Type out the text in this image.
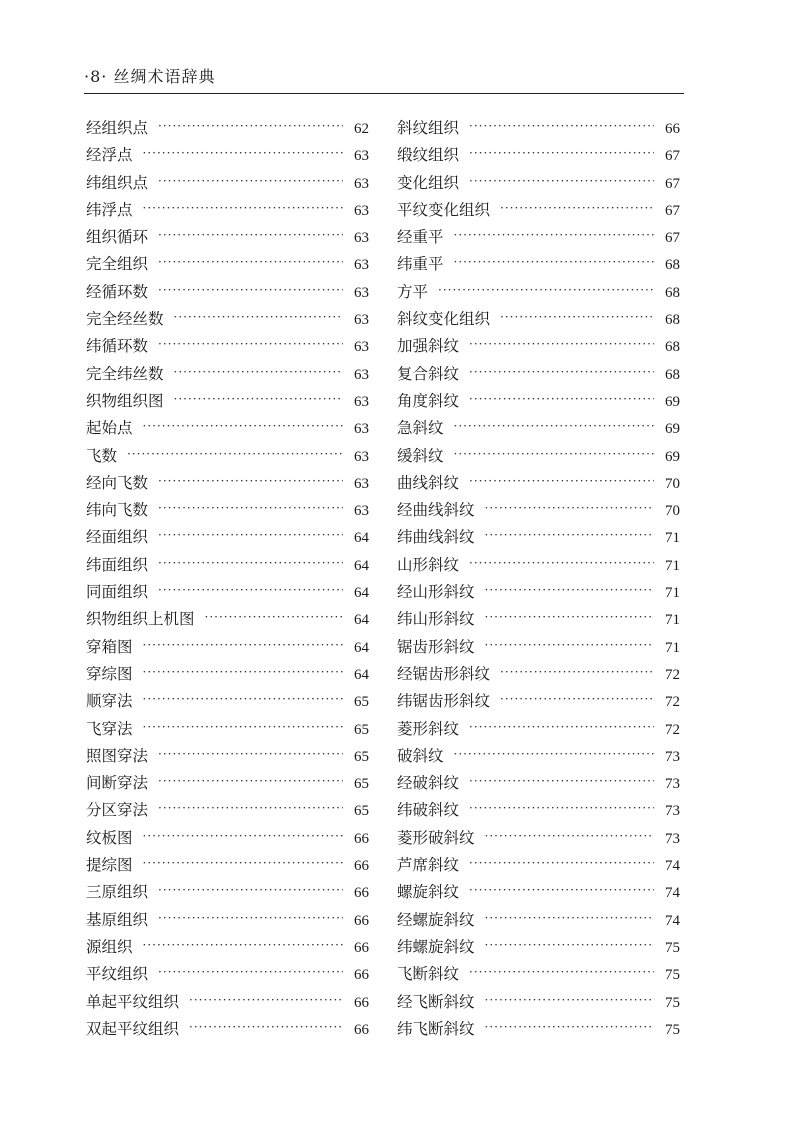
·8· 丝绸术语辞典
经组织点 ·····	62
经浮点 ·····	63
纬组织点 ·····	63
纬浮点 ·····	63
组织循环 ·····	63
完全组织 ·····	63
经循环数 ·····	63
完全经丝数 ·····	63
纬循环数 ·····	63
完全纬丝数 ·····	63
织物组织图 ·····	63
起始点 ·····	63
飞数 ·····	63
经向飞数 ·····	63
纬向飞数 ·····	63
经面组织 ·····	64
纬面组织 ·····	64
同面组织 ·····	64
织物组织上机图 ·····	64
穿箱图 ·····	64
穿综图 ·····	64
顺穿法 ·····	65
飞穿法 ·····	65
照图穿法 ·····	65
间断穿法 ·····	65
分区穿法 ·····	65
纹板图 ·····	66
提综图 ·····	66
三原组织 ·····	66
基原组织 ·····	66
源组织 ·····	66
平纹组织 ·····	66
单起平纹组织 ·····	66
双起平纹组织 ·····	66
斜纹组织 ·····	66
缎纹组织 ·····	67
变化组织 ·····	67
平纹变化组织 ·····	67
经重平 ·····	67
纬重平 ·····	68
方平 ·····	68
斜纹变化组织 ·····	68
加强斜纹 ·····	68
复合斜纹 ·····	68
角度斜纹 ·····	69
急斜纹 ·····	69
缓斜纹 ·····	69
曲线斜纹 ·····	70
经曲线斜纹 ·····	70
纬曲线斜纹 ·····	71
山形斜纹 ·····	71
经山形斜纹 ·····	71
纬山形斜纹 ·····	71
锯齿形斜纹 ·····	71
经锯齿形斜纹 ·····	72
纬锯齿形斜纹 ·····	72
菱形斜纹 ·····	72
破斜纹 ·····	73
经破斜纹 ·····	73
纬破斜纹 ·····	73
菱形破斜纹 ·····	73
芦席斜纹 ·····	74
螺旋斜纹 ·····	74
经螺旋斜纹 ·····	74
纬螺旋斜纹 ·····	75
飞断斜纹 ·····	75
经飞断斜纹 ·····	75
纬飞断斜纹 ·····	75
